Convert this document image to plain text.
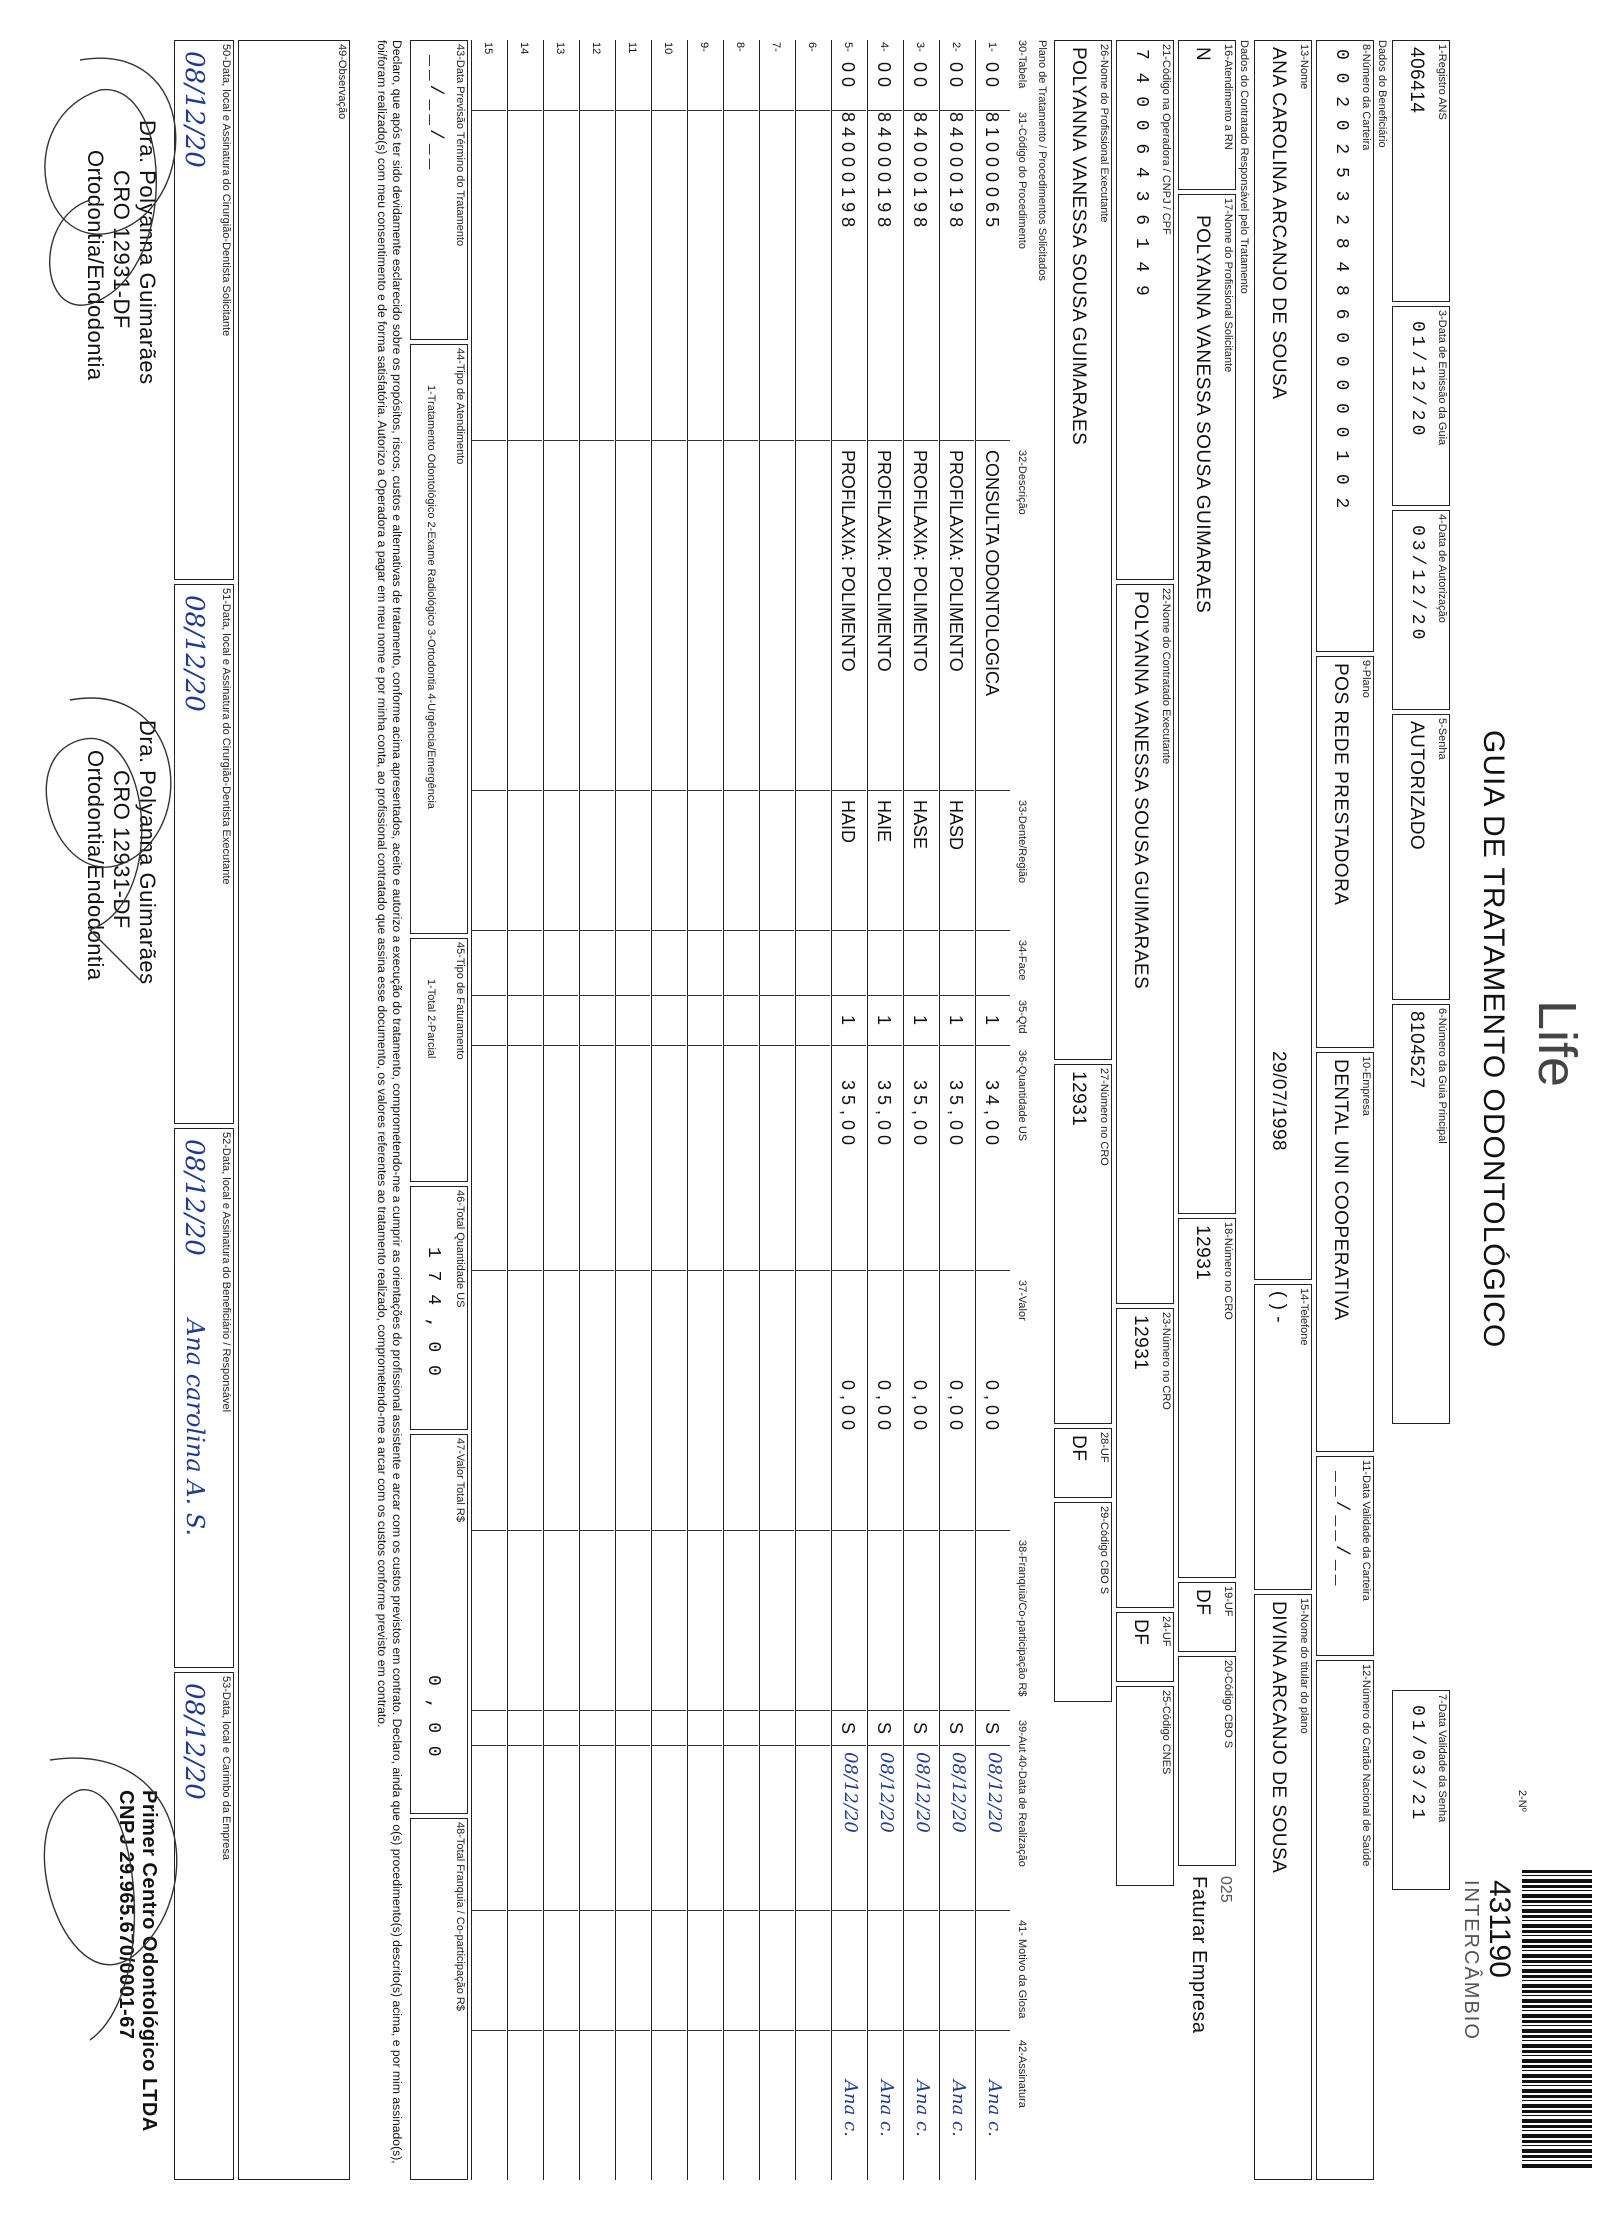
Life
GUIA DE TRATAMENTO ODONTOLÓGICO
2-Nº
431190
INTERCÂMBIO
1-Registro ANS
406414
3-Data de Emissão da Guia
01/12/20
4-Data de Autorização
03/12/20
5-Senha
AUTORIZADO
6-Número da Guia Principal
8104527
7-Data Validade da Senha
01/03/21
Dados do Beneficiário
8-Número da Carteira
0 0 2 0 2 5 3 2 8 4 8 6 0 0 0 0 0 1 0 2
9-Plano
POS REDE PRESTADORA
10-Empresa
DENTAL UNI COOPERATIVA
11-Data Validade da Carteira
__/__/__
12-Número do Cartão Nacional de Saúde
13-Nome
ANA CAROLINA ARCANJO DE SOUSA
29/07/1998
14-Telefone
( ) -
15-Nome do titular do plano
DIVINA ARCANJO DE SOUSA
Dados do Contratado Responsável pelo Tratamento
16-Atendimento a RN
N
17-Nome do Profissional Solicitante
POLYANNA VANESSA SOUSA GUIMARAES
18-Número no CRO
12931
19-UF
DF
20-Código CBO S
025
Faturar Empresa
21-Código na Operadora / CNPJ / CPF
7 4 0 0 6 4 3 6 1 4 9
22-Nome do Contratado Executante
POLYANNA VANESSA SOUSA GUIMARAES
23-Número no CRO
12931
24-UF
DF
25-Código CNES
26-Nome do Profissional Executante
POLYANNA VANESSA SOUSA GUIMARAES
27-Número no CRO
12931
28-UF
DF
29-Código CBO S
Plano de Tratamento / Procedimentos Solicitados
30-Tabela
31-Código do Procedimento
32-Descrição
33-Dente/Região
34-Face
35-Qtd
36-Quantidade US
37-Valor
38-Franquia/Co-participação R$
39-Aut
40-Data de Realização
41- Motivo da Glosa
42-Assinatura
1-
0 0
8 1 0 0 0 0 6 5
CONSULTA ODONTOLOGICA
1
3 4 , 0 0
0 , 0 0
S
08/12/20
Ana c.
2-
0 0
8 4 0 0 0 1 9 8
PROFILAXIA: POLIMENTO
HASD
1
3 5 , 0 0
0 , 0 0
S
08/12/20
Ana c.
3-
0 0
8 4 0 0 0 1 9 8
PROFILAXIA: POLIMENTO
HASE
1
3 5 , 0 0
0 , 0 0
S
08/12/20
Ana c.
4-
0 0
8 4 0 0 0 1 9 8
PROFILAXIA: POLIMENTO
HAIE
1
3 5 , 0 0
0 , 0 0
S
08/12/20
Ana c.
5-
0 0
8 4 0 0 0 1 9 8
PROFILAXIA: POLIMENTO
HAID
1
3 5 , 0 0
0 , 0 0
S
08/12/20
Ana c.
6-
7-
8-
9-
10
11
12
13
14
15
43-Data Previsão Término do Tratamento
__/__/__
44-Tipo de Atendimento
1-Tratamento Odontológico 2-Exame Radiológico 3-Ortodontia 4-Urgência/Emergência
45-Tipo de Faturamento
1-Total 2-Parcial
46-Total Quantidade US
1 7 4 , 0 0
47-Valor Total R$
0 , 0 0
48-Total Franquia / Co-participação R$
Declaro, que após ter sido devidamente esclarecido sobre os propósitos, riscos, custos e alternativas de tratamento, conforme acima apresentados, aceito e autorizo a execução do tratamento, comprometendo-me a cumprir as orientações do profissional assistente e arcar com os custos previstos em contrato. Declaro, ainda que o(s) procedimento(s) descrito(s) acima, e por mim assinado(s), foi/foram realizado(s) com meu consentimento e de forma satisfatória. Autorizo a Operadora a pagar em meu nome e por minha conta, ao profissional contratado que assina esse documento, os valores referentes ao tratamento realizado, comprometendo-me a arcar com os custos conforme previsto em contrato.
49-Observação
50-Data, local e Assinatura do Cirurgião-Dentista Solicitante
08/12/20
51-Data, local e Assinatura do Cirurgião-Dentista Executante
08/12/20
52-Data, local e Assinatura do Beneficiário / Responsável
08/12/20
Ana carolina A. S.
53-Data, local e Carimbo da Empresa
08/12/20
Dra. Polyanna Guimarães
CRO 12931-DF
Ortodontia/Endodontia
Dra. Polyanna Guimarães
CRO 12931-DF
Ortodontia/Endodontia
Primer Centro Odontológico LTDA
CNPJ 29.965.670/0001-67
